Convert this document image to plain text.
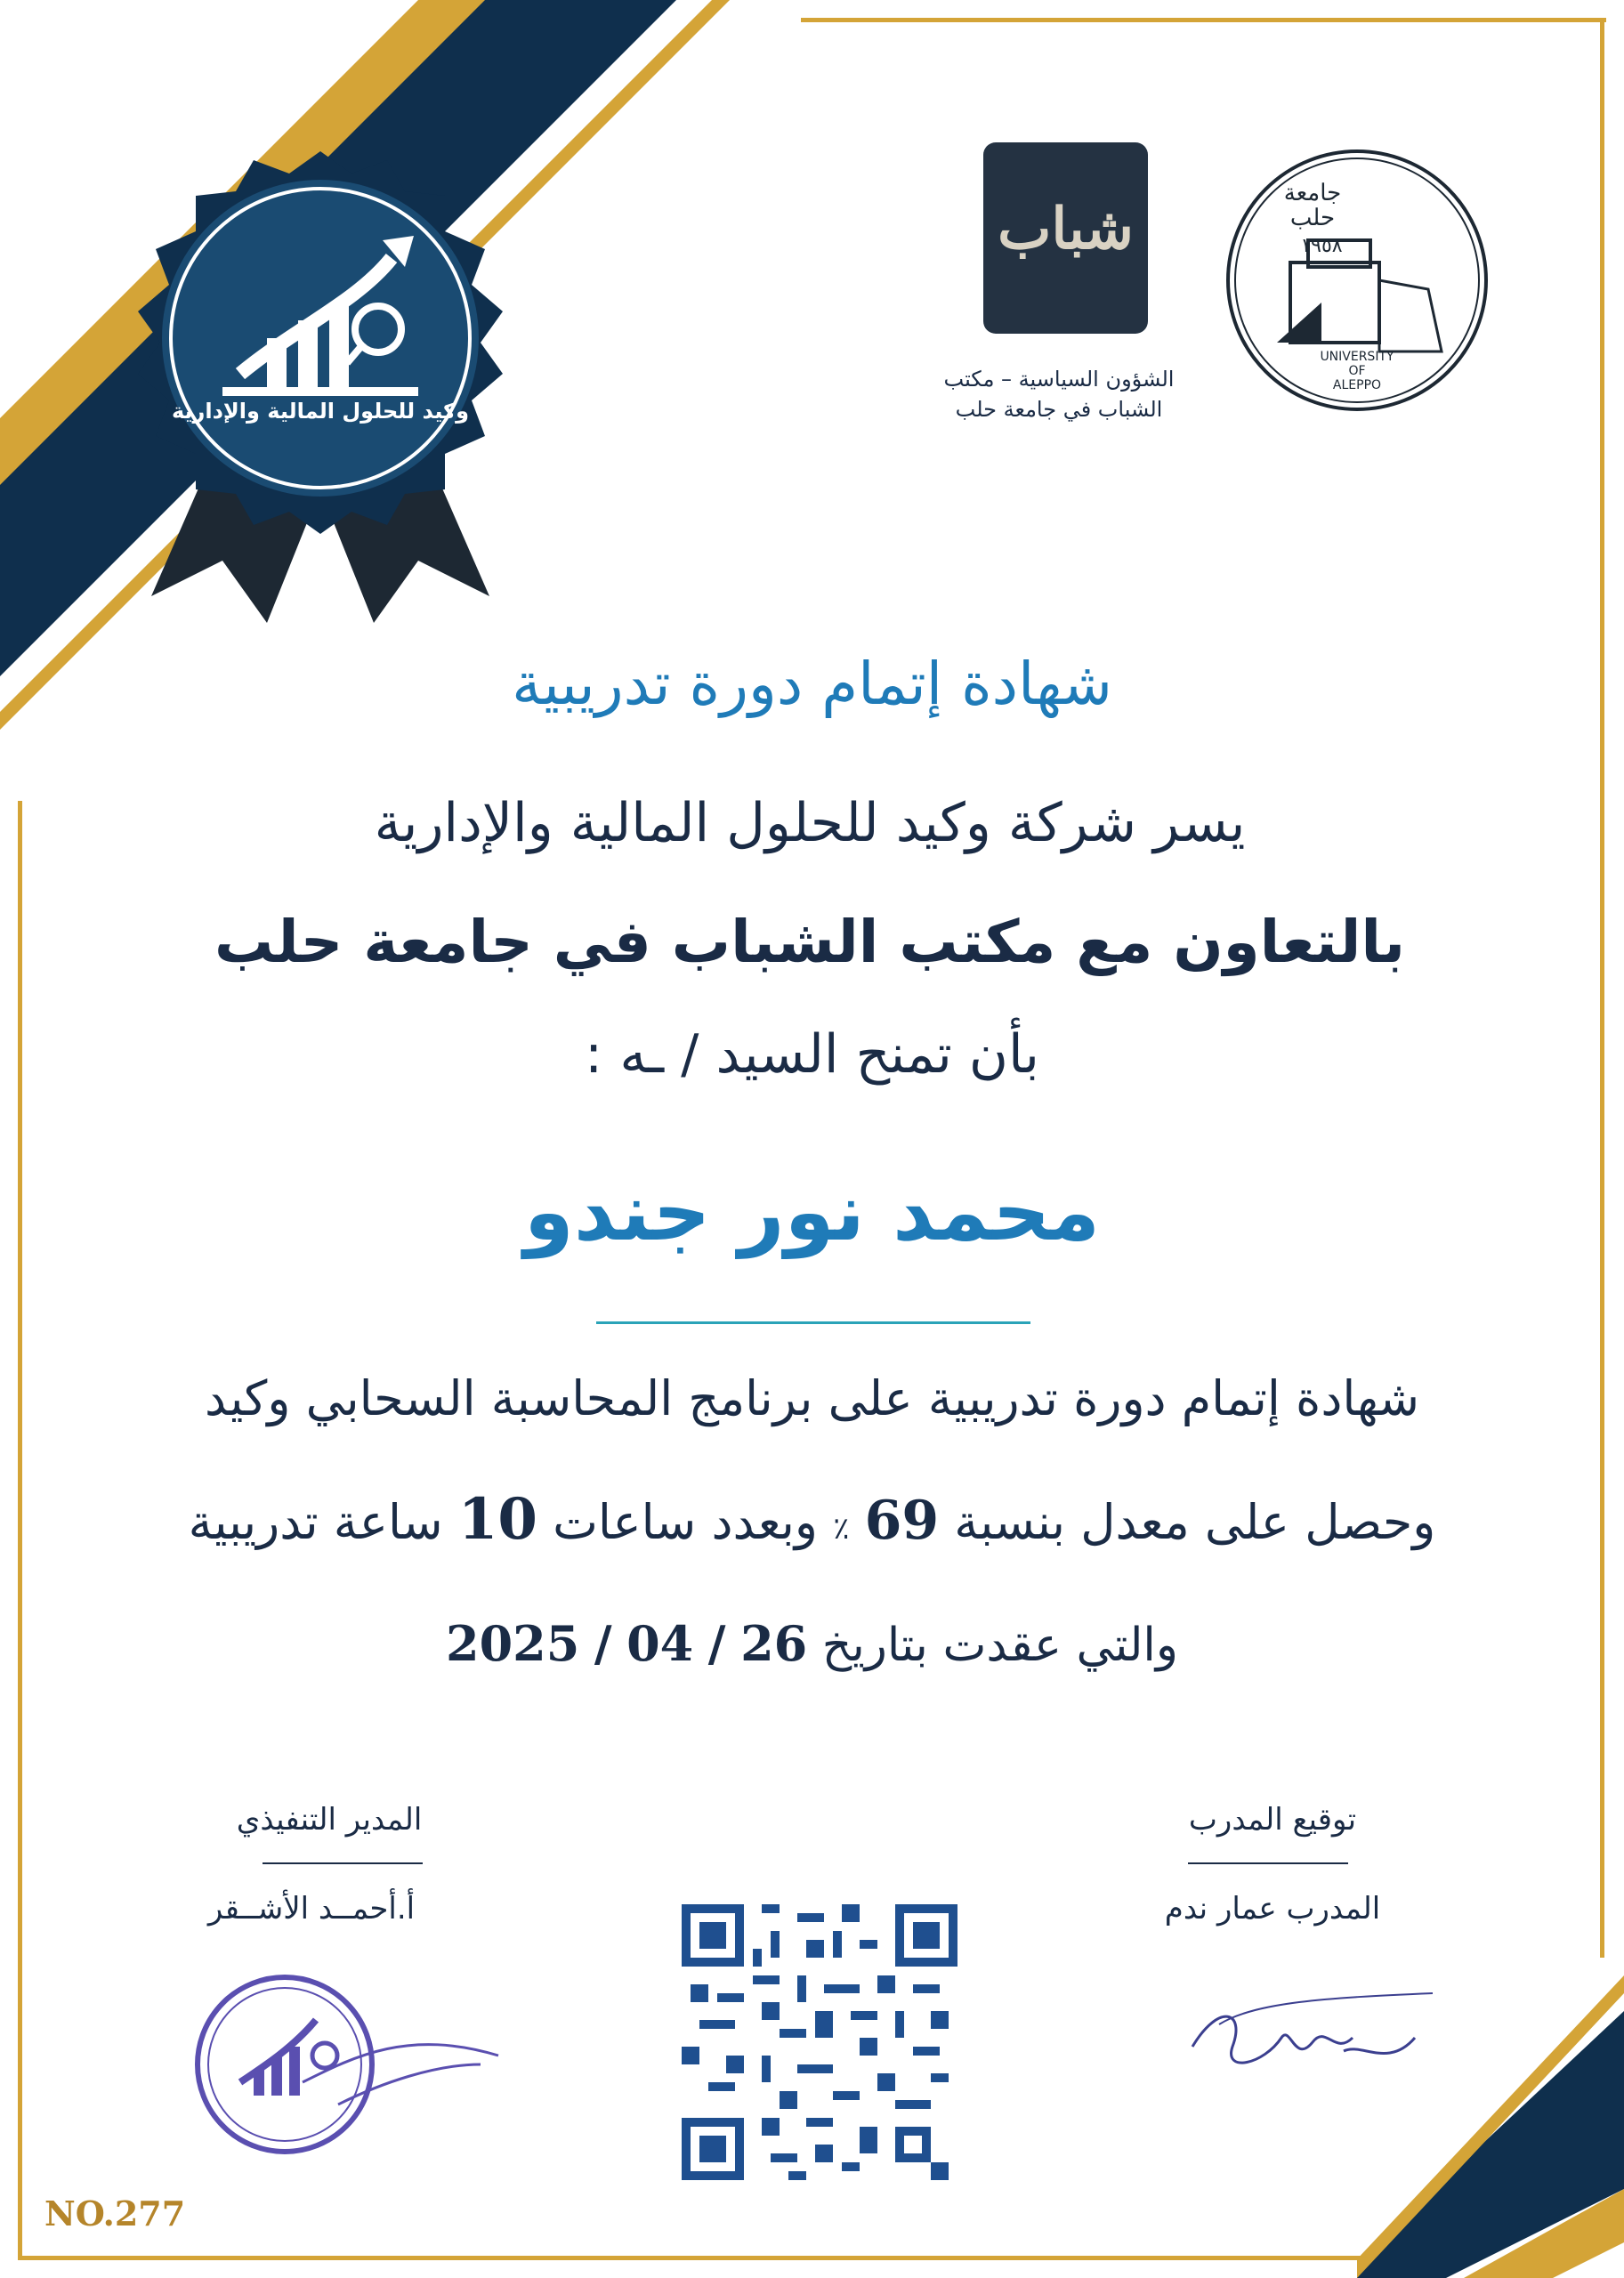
وكيد للحلول المالية والإدارية
شباب
الشؤون السياسية – مكتب
الشباب في جامعة حلب
جامعة
حلب
١٩٥٨
UNIVERSITY
OF
ALEPPO
شهادة إتمام دورة تدريبية
يسر شركة وكيد للحلول المالية والإدارية
بالتعاون مع مكتب الشباب في جامعة حلب
بأن تمنح السيد / ـه :
محمد نور جندو
شهادة إتمام دورة تدريبية على برنامج المحاسبة السحابي وكيد
وحصل على معدل بنسبة 69 ٪ وبعدد ساعات 10 ساعة تدريبية
والتي عقدت بتاريخ 26 / 04 / 2025
توقيع المدرب
المدرب عمار ندم
المدير التنفيذي
أ.أحمــد الأشــقر
NO.277
